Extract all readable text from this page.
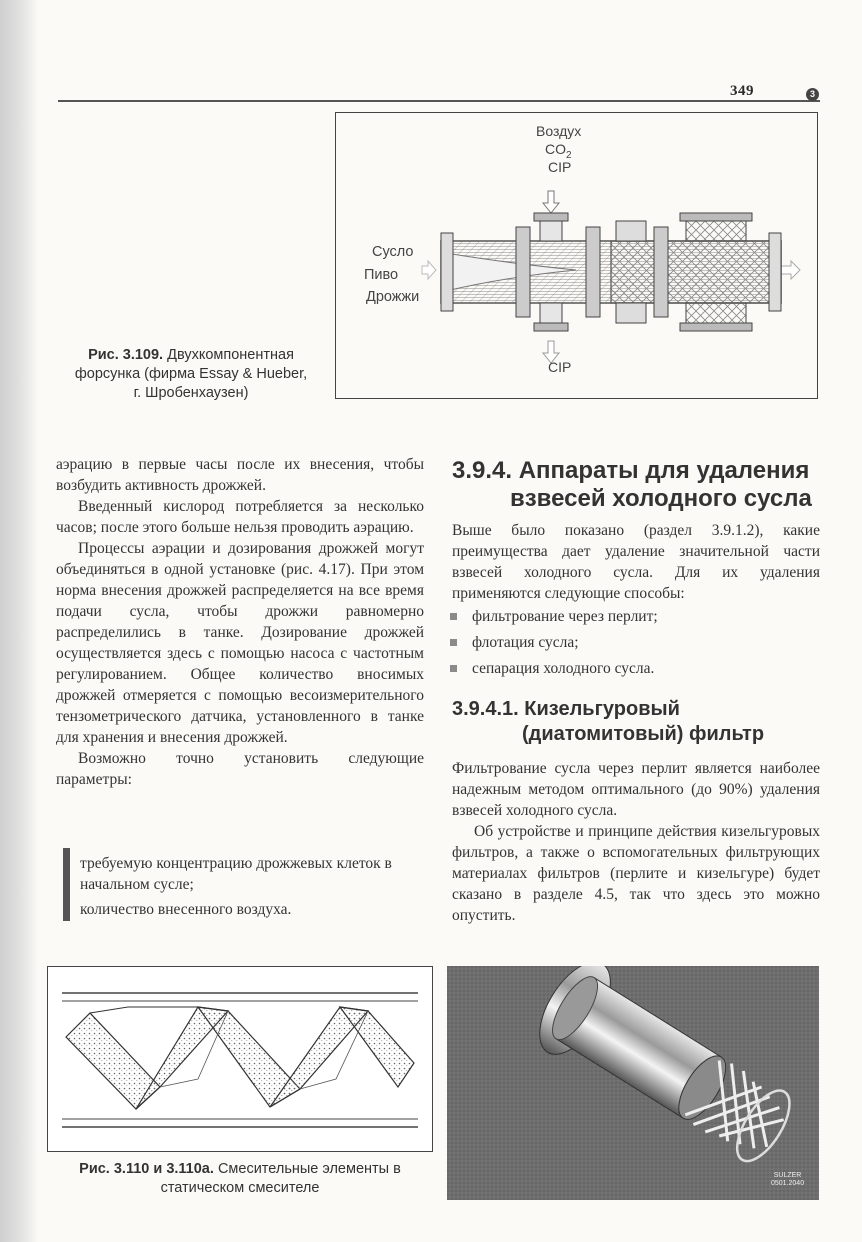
349	3
Воздух
$CO_2$
CIP
Сусло
Пиво
Дрожжи
CIP
Рис. 3.109. Двухкомпонентная
форсунка (фирма Essay & Hueber,
г. Шробенхаузен)

аэрацию в первые часы после их внесения, чтобы возбудить активность дрожжей.

Введенный кислород потребляется за несколько часов; после этого больше нельзя проводить аэрацию.

Процессы аэрации и дозирования дрожжей могут объединяться в одной установке (рис. 4.17). При этом норма внесения дрожжей распределяется на все время подачи сусла, чтобы дрожжи равномерно распределились в танке. Дозирование дрожжей осуществляется здесь с помощью насоса с частотным регулированием. Общее количество вносимых дрожжей отмеряется с помощью весоизмерительного тензометрического датчика, установленного в танке для хранения и внесения дрожжей.

Возможно точно установить следующие параметры:

требуемую концентрацию дрожжевых клеток в начальном сусле;

количество внесенного воздуха.

3.9.4. Аппараты для удаления
взвесей холодного сусла
Выше было показано (раздел 3.9.1.2), какие преимущества дает удаление значительной части взвесей холодного сусла. Для их удаления применяются следующие способы:

фильтрование через перлит;

флотация сусла;

сепарация холодного сусла.

3.9.4.1. Кизельгуровый
(диатомитовый) фильтр

Фильтрование сусла через перлит является наиболее надежным методом оптимального (до 90%) удаления взвесей холодного сусла.

Об устройстве и принципе действия кизельгуровых фильтров, а также о вспомогательных фильтрующих материалах фильтров (перлите и кизельгуре) будет сказано в разделе 4.5, так что здесь это можно опустить.

Рис. 3.110 и 3.110а. Смесительные элементы в
статическом смесителе
SULZER
0501.2040
